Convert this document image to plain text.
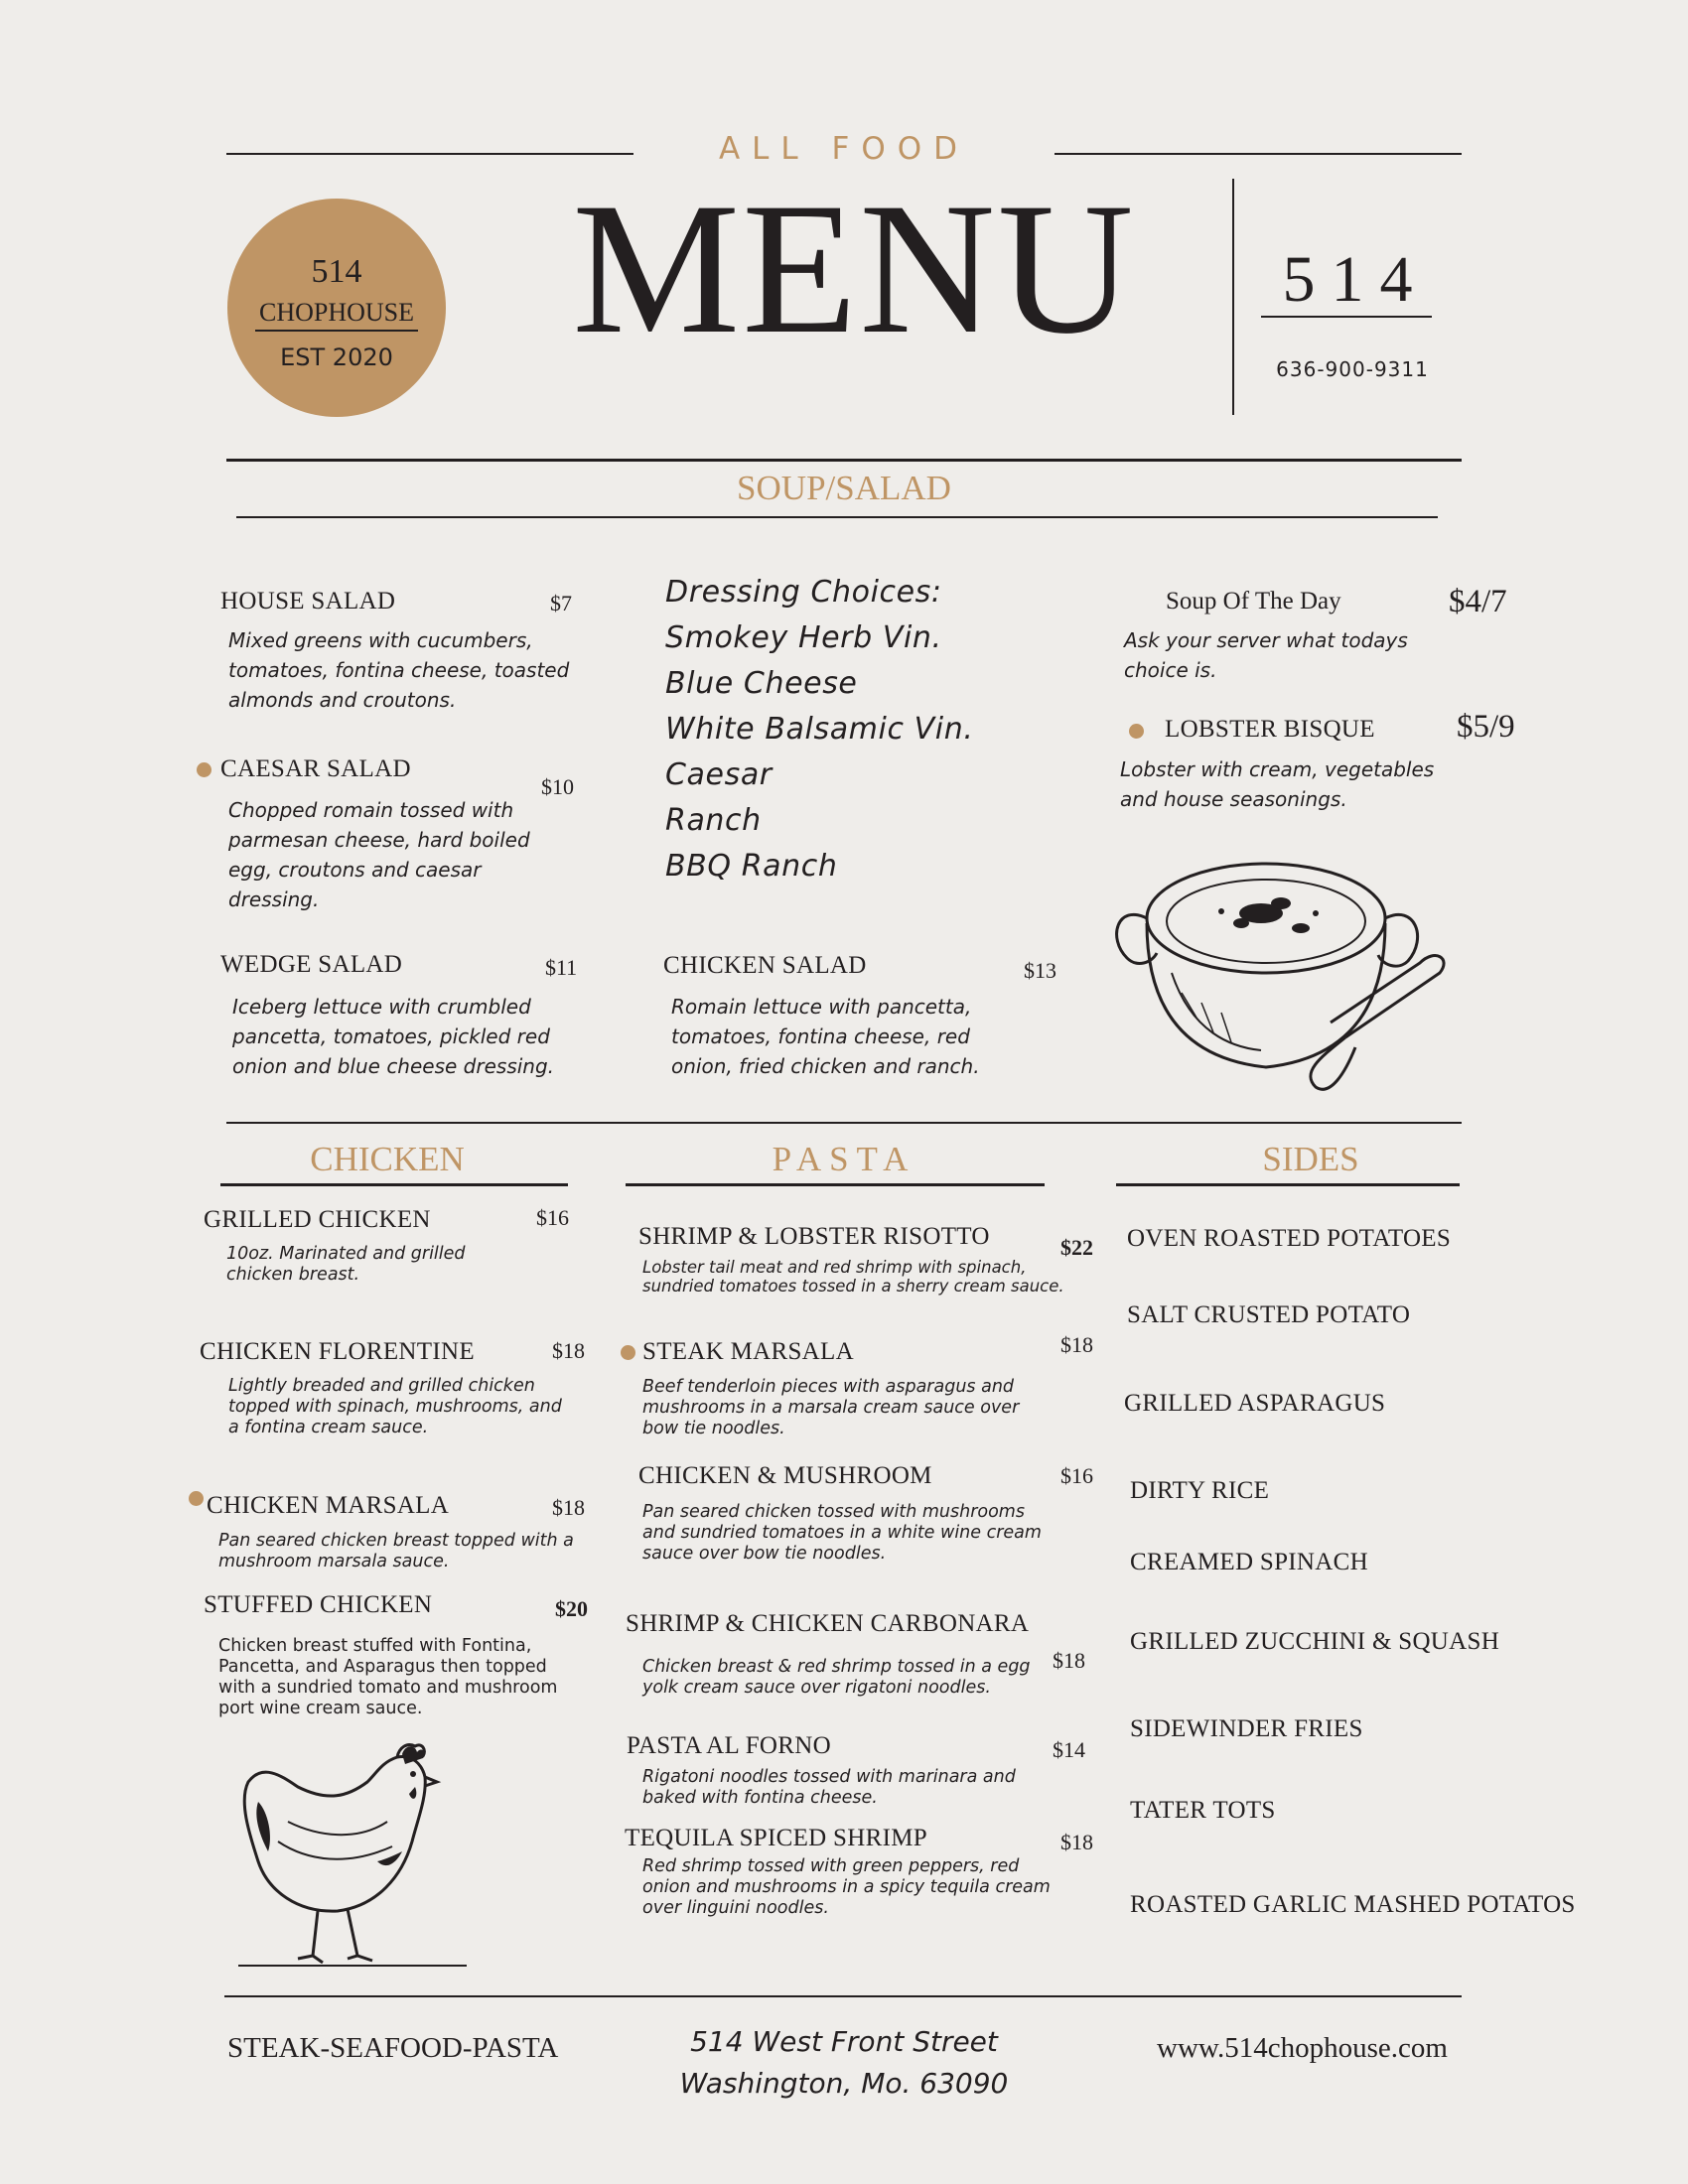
ALL FOOD
MENU
514
CHOPHOUSE
EST 2020
514
636-900-9311
SOUP/SALAD
HOUSE SALAD	$7
Mixed greens with cucumbers, tomatoes, fontina cheese, toasted almonds and croutons.
CAESAR SALAD
$10
Chopped romain tossed with parmesan cheese, hard boiled egg, croutons and caesar dressing.
WEDGE SALAD	$11
Iceberg lettuce with crumbled pancetta, tomatoes, pickled red onion and blue cheese dressing.
Dressing Choices:
Smokey Herb Vin.
Blue Cheese
White Balsamic Vin.
Caesar
Ranch
BBQ Ranch
CHICKEN SALAD	$13
Romain lettuce with pancetta, tomatoes, fontina cheese, red onion, fried chicken and ranch.
Soup Of The Day	$4/7
Ask your server what todays choice is.
LOBSTER BISQUE $5/9
Lobster with cream, vegetables and house seasonings.
CHICKEN	PASTA	SIDES
GRILLED CHICKEN	$16
10oz. Marinated and grilled chicken breast.
CHICKEN FLORENTINE	$18
Lightly breaded and grilled chicken topped with spinach, mushrooms, and a fontina cream sauce.
CHICKEN MARSALA	$18
Pan seared chicken breast topped with a mushroom marsala sauce.
STUFFED CHICKEN	$20
Chicken breast stuffed with Fontina, Pancetta, and Asparagus then topped with a sundried tomato and mushroom port wine cream sauce.
SHRIMP & LOBSTER RISOTTO	$22
Lobster tail meat and red shrimp with spinach, sundried tomatoes tossed in a sherry cream sauce.
STEAK MARSALA	$18
Beef tenderloin pieces with asparagus and mushrooms in a marsala cream sauce over bow tie noodles.
CHICKEN & MUSHROOM	$16
Pan seared chicken tossed with mushrooms and sundried tomatoes in a white wine cream sauce over bow tie noodles.
SHRIMP & CHICKEN CARBONARA
$18
Chicken breast & red shrimp tossed in a egg yolk cream sauce over rigatoni noodles.
PASTA AL FORNO	$14
Rigatoni noodles tossed with marinara and baked with fontina cheese.
TEQUILA SPICED SHRIMP	$18
Red shrimp tossed with green peppers, red onion and mushrooms in a spicy tequila cream over linguini noodles.
OVEN ROASTED POTATOES
SALT CRUSTED POTATO
GRILLED ASPARAGUS
DIRTY RICE
CREAMED SPINACH
GRILLED ZUCCHINI & SQUASH
SIDEWINDER FRIES
TATER TOTS
ROASTED GARLIC MASHED POTATOS
STEAK-SEAFOOD-PASTA	514 West Front Street
Washington, Mo. 63090
www.514chophouse.com
